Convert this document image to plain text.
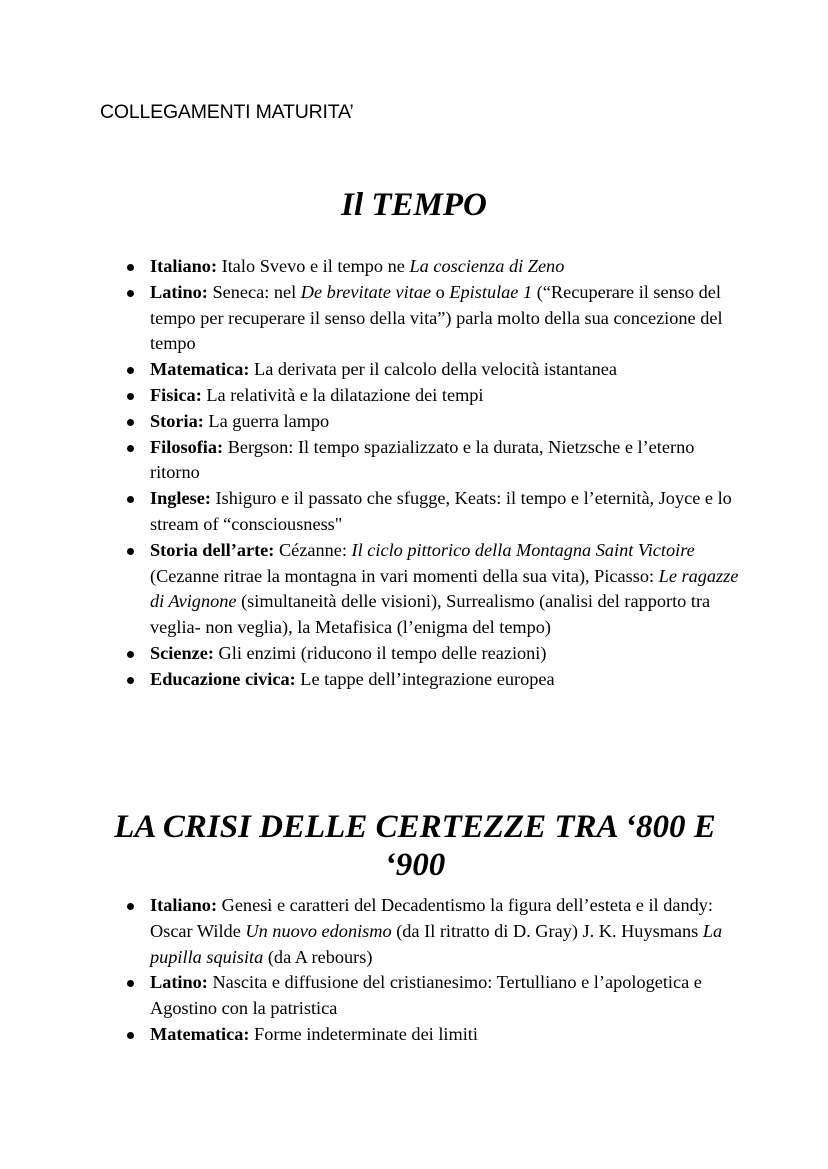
COLLEGAMENTI MATURITA’
Il TEMPO
Italiano: Italo Svevo e il tempo ne La coscienza di Zeno
Latino: Seneca: nel De brevitate vitae o Epistulae 1 (“Recuperare il senso del tempo per recuperare il senso della vita”) parla molto della sua concezione del tempo
Matematica: La derivata per il calcolo della velocità istantanea
Fisica: La relatività e la dilatazione dei tempi
Storia: La guerra lampo
Filosofia: Bergson: Il tempo spazializzato e la durata, Nietzsche e l’eterno ritorno
Inglese: Ishiguro e il passato che sfugge, Keats: il tempo e l’eternità, Joyce e lo stream of “consciousness"
Storia dell’arte: Cézanne: Il ciclo pittorico della Montagna Saint Victoire (Cezanne ritrae la montagna in vari momenti della sua vita), Picasso: Le ragazze di Avignone (simultaneità delle visioni), Surrealismo (analisi del rapporto tra veglia- non veglia), la Metafisica (l’enigma del tempo)
Scienze: Gli enzimi (riducono il tempo delle reazioni)
Educazione civica: Le tappe dell’integrazione europea
LA CRISI DELLE CERTEZZE TRA ‘800 E ‘900
Italiano: Genesi e caratteri del Decadentismo la figura dell’esteta e il dandy: Oscar Wilde Un nuovo edonismo (da Il ritratto di D. Gray) J. K. Huysmans La pupilla squisita (da A rebours)
Latino: Nascita e diffusione del cristianesimo: Tertulliano e l’apologetica e Agostino con la patristica
Matematica: Forme indeterminate dei limiti
